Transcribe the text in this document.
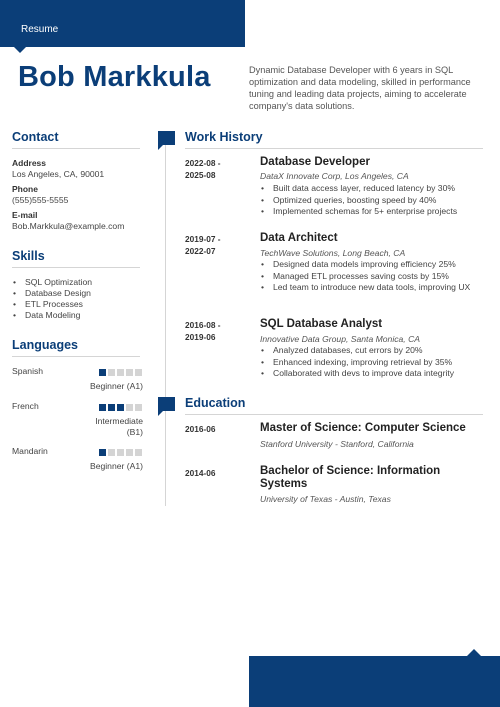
Resume
Bob Markkula	Dynamic Database Developer with 6 years in SQL optimization and data modeling, skilled in performance tuning and leading data projects, aiming to accelerate company's data solutions.
Contact
Address
Los Angeles, CA, 90001
Phone
(555)555-5555
E-mail
Bob.Markkula@example.com
Skills
• SQL Optimization
• Database Design
• ETL Processes
• Data Modeling
Languages
Spanish
Beginner (A1)
French
Intermediate (B1)
Mandarin
Beginner (A1)
Work History
2022-08 -
2025-08
Database Developer
DataX Innovate Corp, Los Angeles, CA
• Built data access layer, reduced latency by 30%
• Optimized queries, boosting speed by 40%
• Implemented schemas for 5+ enterprise projects
2019-07 -
2022-07
Data Architect
TechWave Solutions, Long Beach, CA
• Designed data models improving efficiency 25%
• Managed ETL processes saving costs by 15%
• Led team to introduce new data tools, improving UX
2016-08 -
2019-06
SQL Database Analyst
Innovative Data Group, Santa Monica, CA
• Analyzed databases, cut errors by 20%
• Enhanced indexing, improving retrieval by 35%
• Collaborated with devs to improve data integrity
Education
2016-06	Master of Science: Computer Science
Stanford University - Stanford, California
2014-06	Bachelor of Science: Information Systems
University of Texas - Austin, Texas
